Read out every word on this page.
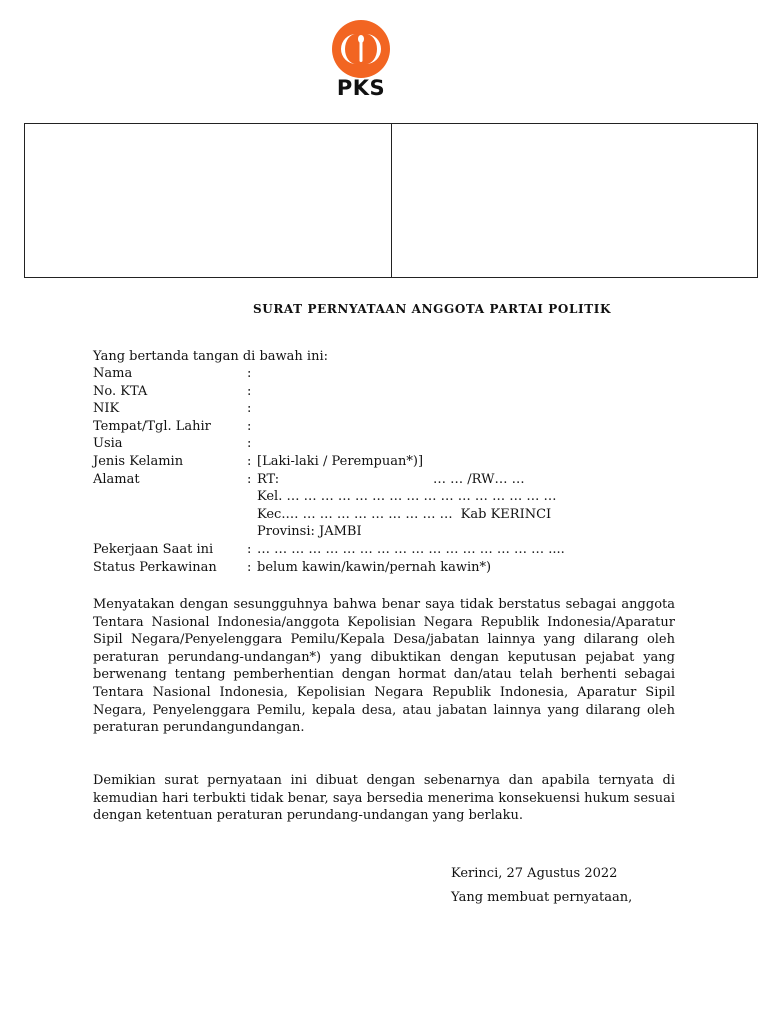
PKS
SURAT PERNYATAAN ANGGOTA PARTAI POLITIK
Yang bertanda tangan di bawah ini:
Nama	:
No. KTA	:
NIK	:
Tempat/Tgl. Lahir	:
Usia	:
Jenis Kelamin	: [Laki-laki / Perempuan*)]
Alamat	: RT:	… … /RW… …
Kel. … … … … … … … … … … … … … … … …
Kec.… … … … … … … … … … Kab KERINCI
Provinsi: JAMBI
Pekerjaan Saat ini	: … … … … … … … … … … … … … … … … … ....
Status Perkawinan	: belum kawin/kawin/pernah kawin*)
Menyatakan dengan sesungguhnya bahwa benar saya tidak berstatus sebagai anggota Tentara Nasional Indonesia/anggota Kepolisian Negara Republik Indonesia/Aparatur Sipil Negara/Penyelenggara Pemilu/Kepala Desa/jabatan lainnya yang dilarang oleh peraturan perundang-undangan*) yang dibuktikan dengan keputusan pejabat yang berwenang tentang pemberhentian dengan hormat dan/atau telah berhenti sebagai Tentara Nasional Indonesia, Kepolisian Negara Republik Indonesia, Aparatur Sipil Negara, Penyelenggara Pemilu, kepala desa, atau jabatan lainnya yang dilarang oleh peraturan perundangundangan.
Demikian surat pernyataan ini dibuat dengan sebenarnya dan apabila ternyata di kemudian hari terbukti tidak benar, saya bersedia menerima konsekuensi hukum sesuai dengan ketentuan peraturan perundang-undangan yang berlaku.
Kerinci, 27 Agustus 2022
Yang membuat pernyataan,
